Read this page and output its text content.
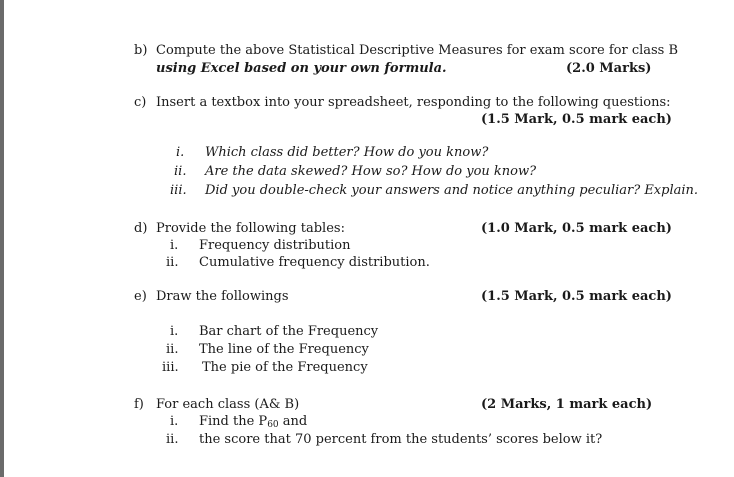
b) Compute the above Statistical Descriptive Measures for exam score for class B
using Excel based on your own formula.	(2.0 Marks)
c) Insert a textbox into your spreadsheet, responding to the following questions:
(1.5 Mark, 0.5 mark each)
i. Which class did better? How do you know?
ii. Are the data skewed? How so? How do you know?
iii. Did you double-check your answers and notice anything peculiar? Explain.
d) Provide the following tables:	(1.0 Mark, 0.5 mark each)
i. Frequency distribution
ii. Cumulative frequency distribution.
e) Draw the followings	(1.5 Mark, 0.5 mark each)
i. Bar chart of the Frequency
ii. The line of the Frequency
iii. The pie of the Frequency
f) For each class (A& B)	(2 Marks, 1 mark each)
i. Find the $P_{60}$ and
ii. the score that 70 percent from the students’ scores below it?
